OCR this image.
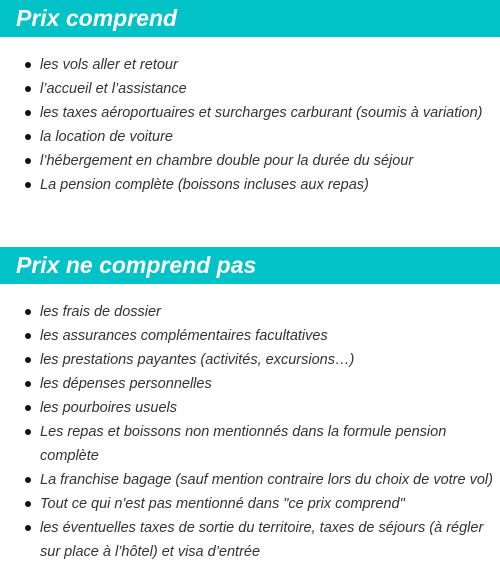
Prix comprend
les vols aller et retour
l’accueil et l’assistance
les taxes aéroportuaires et surcharges carburant (soumis à variation)
la location de voiture
l’hébergement en chambre double pour la durée du séjour
La pension complète (boissons incluses aux repas)
Prix ne comprend pas
les frais de dossier
les assurances complémentaires facultatives
les prestations payantes (activités, excursions…)
les dépenses personnelles
les pourboires usuels
Les repas et boissons non mentionnés dans la formule pension complète
La franchise bagage (sauf mention contraire lors du choix de votre vol)
Tout ce qui n'est pas mentionné dans "ce prix comprend"
les éventuelles taxes de sortie du territoire, taxes de séjours (à régler sur place à l’hôtel) et visa d’entrée
